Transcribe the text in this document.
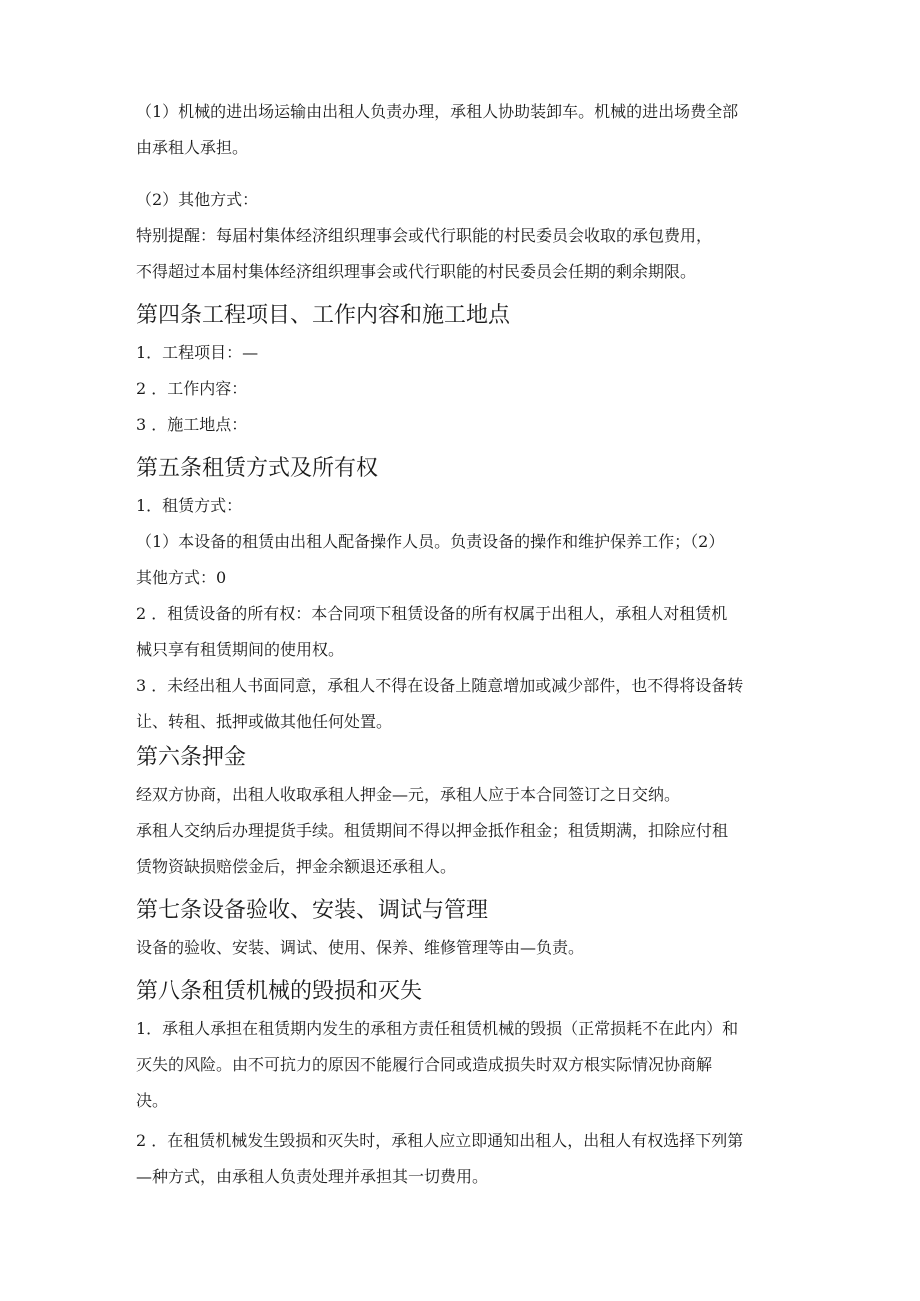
（1）机械的进出场运输由出租人负责办理，承租人协助装卸车。机械的进出场费全部
由承租人承担。
（2）其他方式：
特别提醒：每届村集体经济组织理事会或代行职能的村民委员会收取的承包费用，
不得超过本届村集体经济组织理事会或代行职能的村民委员会任期的剩余期限。
第四条工程项目、工作内容和施工地点
1．工程项目：—
2 ．工作内容：
3 ．施工地点：
第五条租赁方式及所有权
1．租赁方式：
（1）本设备的租赁由出租人配备操作人员。负责设备的操作和维护保养工作；（2）
其他方式：0
2 ．租赁设备的所有权：本合同项下租赁设备的所有权属于出租人，承租人对租赁机
械只享有租赁期间的使用权。
3 ．未经出租人书面同意，承租人不得在设备上随意增加或减少部件，也不得将设备转
让、转租、抵押或做其他任何处置。
第六条押金
经双方协商，出租人收取承租人押金—元，承租人应于本合同签订之日交纳。
承租人交纳后办理提货手续。租赁期间不得以押金抵作租金；租赁期满，扣除应付租
赁物资缺损赔偿金后，押金余额退还承租人。
第七条设备验收、安装、调试与管理
设备的验收、安装、调试、使用、保养、维修管理等由—负责。
第八条租赁机械的毁损和灭失
1．承租人承担在租赁期内发生的承租方责任租赁机械的毁损（正常损耗不在此内）和
灭失的风险。由不可抗力的原因不能履行合同或造成损失时双方根实际情况协商解
决。
2 ．在租赁机械发生毁损和灭失时，承租人应立即通知出租人，出租人有权选择下列第
—种方式，由承租人负责处理并承担其一切费用。
